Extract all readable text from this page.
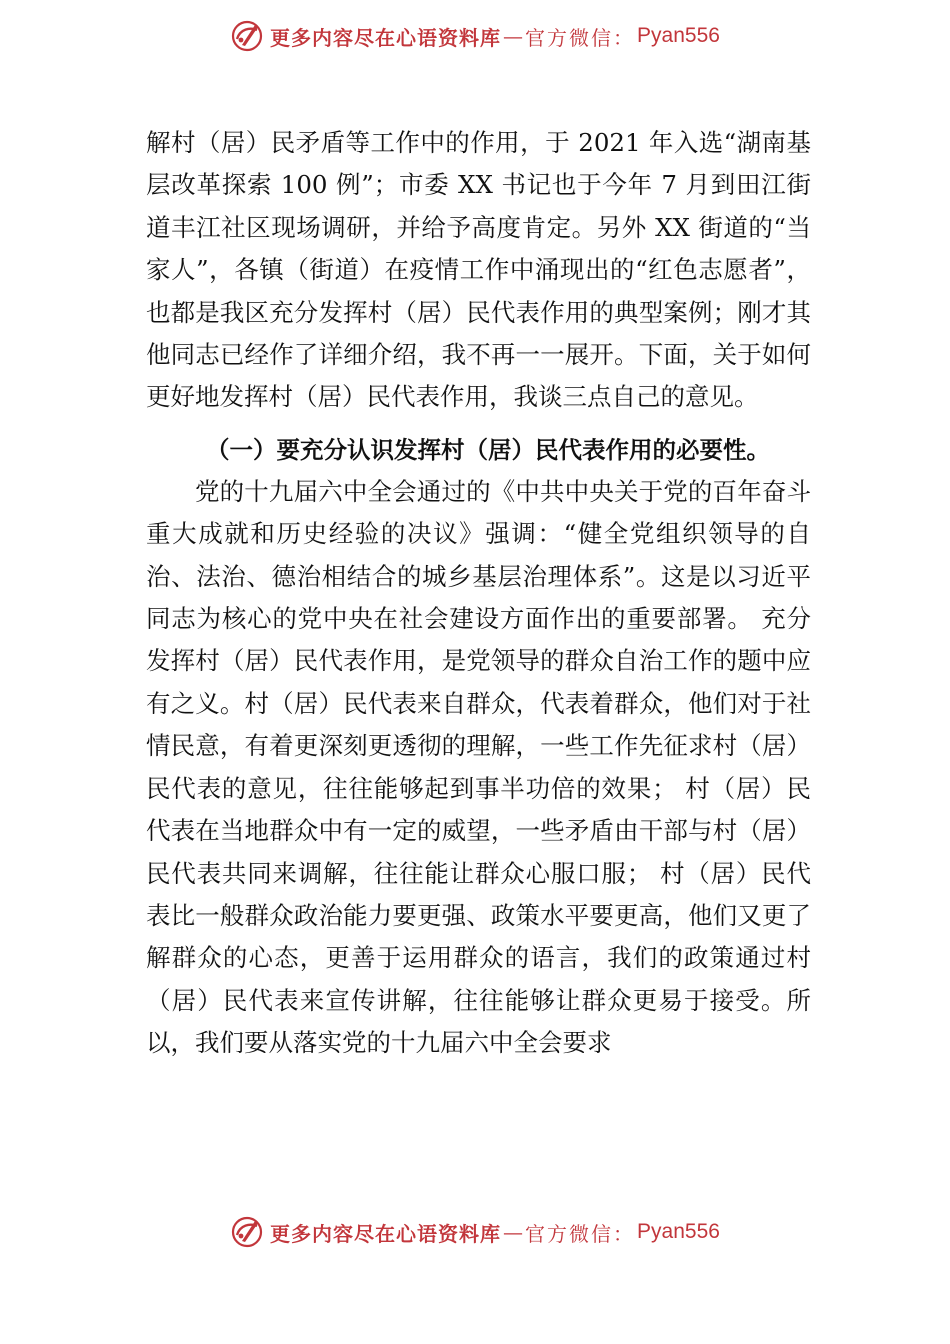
更多内容尽在心语资料库 — 官方微信： Pyan556

解村（居）民矛盾等工作中的作用，于 2021 年入选“湖南基层改革探索 100 例”；市委 XX 书记也于今年 7 月到田江街道丰江社区现场调研，并给予高度肯定。另外 XX 街道的“当家人”，各镇（街道）在疫情工作中涌现出的“红色志愿者”，也都是我区充分发挥村（居）民代表作用的典型案例；刚才其他同志已经作了详细介绍，我不再一一展开。下面，关于如何更好地发挥村（居）民代表作用，我谈三点自己的意见。

（一）要充分认识发挥村（居）民代表作用的必要性。

党的十九届六中全会通过的《中共中央关于党的百年奋斗重大成就和历史经验的决议》强调：“健全党组织领导的自治、法治、德治相结合的城乡基层治理体系”。这是以习近平同志为核心的党中央在社会建设方面作出的重要部署。 充分发挥村（居）民代表作用，是党领导的群众自治工作的题中应有之义。村（居）民代表来自群众，代表着群众，他们对于社情民意，有着更深刻更透彻的理解，一些工作先征求村（居）民代表的意见，往往能够起到事半功倍的效果； 村（居）民代表在当地群众中有一定的威望，一些矛盾由干部与村（居）民代表共同来调解，往往能让群众心服口服； 村（居）民代表比一般群众政治能力要更强、政策水平要更高，他们又更了解群众的心态，更善于运用群众的语言，我们的政策通过村（居）民代表来宣传讲解，往往能够让群众更易于接受。所以，我们要从落实党的十九届六中全会要求

更多内容尽在心语资料库 — 官方微信： Pyan556
